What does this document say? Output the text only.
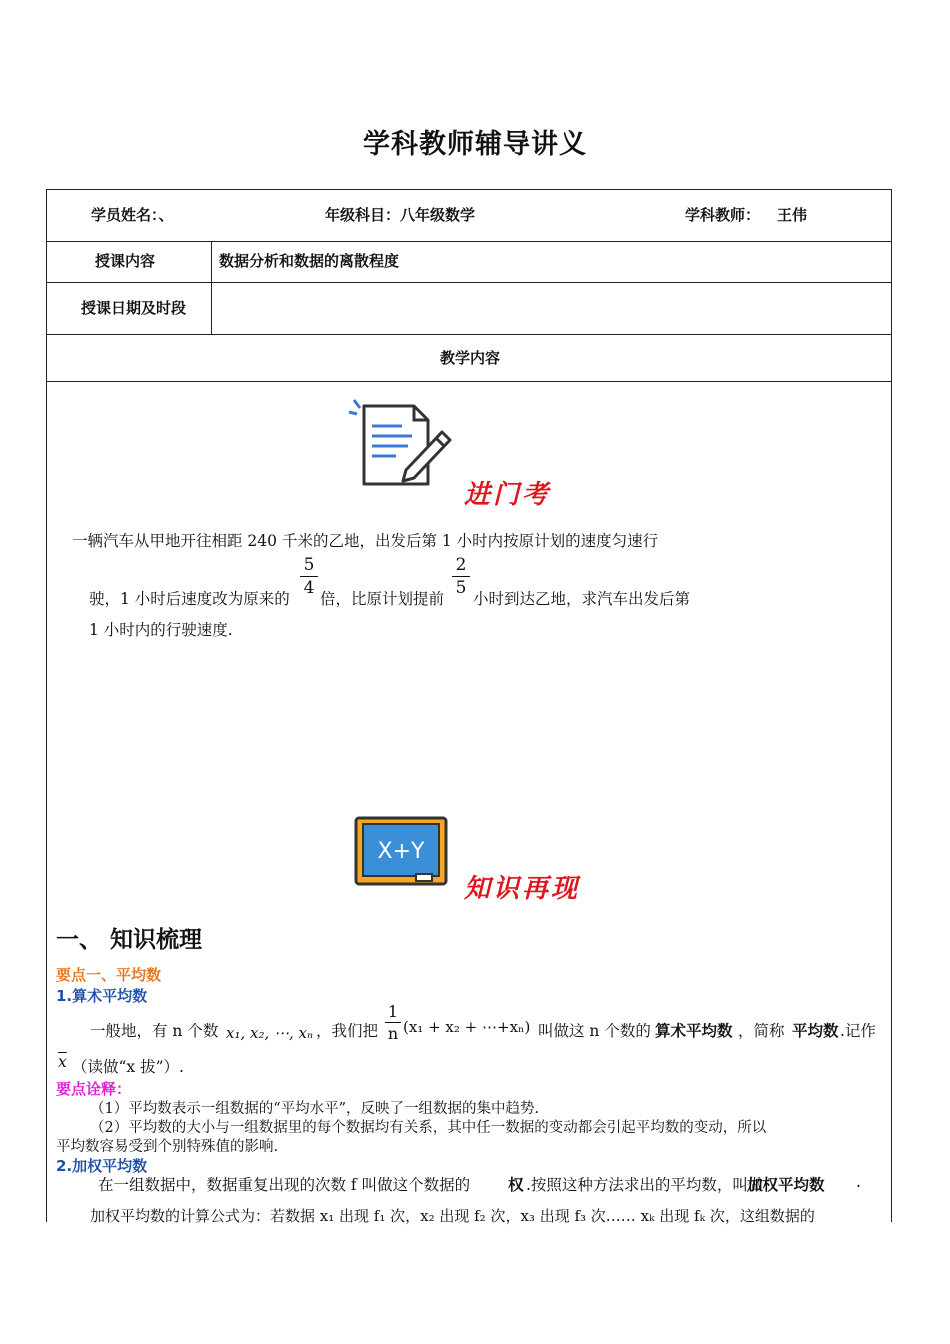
学科教师辅导讲义
学员姓名：、	年级科目：八年级数学	学科教师： 王伟
授课内容	数据分析和数据的离散程度
授课日期及时段
教学内容
进门考
一辆汽车从甲地开往相距 240 千米的乙地，出发后第 1 小时内按原计划的速度匀速行
驶，1 小时后速度改为原来的
5
4
倍，比原计划提前
2
5
小时到达乙地，求汽车出发后第
1 小时内的行驶速度.
X+Y
知识再现
一、 知识梳理
要点一、平均数
1.算术平均数
一般地，有 n 个数 x₁, x₂, ⋯, xₙ ，我们把
1
n (x₁ + x₂ + ⋯+xₙ) 叫做这 n 个数的 算术平均数 ，简称 平均数 .记作
$\overline{x}$ （读做“x 拔”）.
要点诠释：
（1）平均数表示一组数据的“平均水平”，反映了一组数据的集中趋势.
（2）平均数的大小与一组数据里的每个数据均有关系，其中任一数据的变动都会引起平均数的变动，所以
平均数容易受到个别特殊值的影响.
2.加权平均数
在一组数据中，数据重复出现的次数 f 叫做这个数据的 权 .按照这种方法求出的平均数，叫做
加权平均数 .
加权平均数的计算公式为：若数据 x₁ 出现 f₁ 次，x₂ 出现 f₂ 次，x₃ 出现 f₃ 次…… xₖ 出现 fₖ 次，这组数据的
